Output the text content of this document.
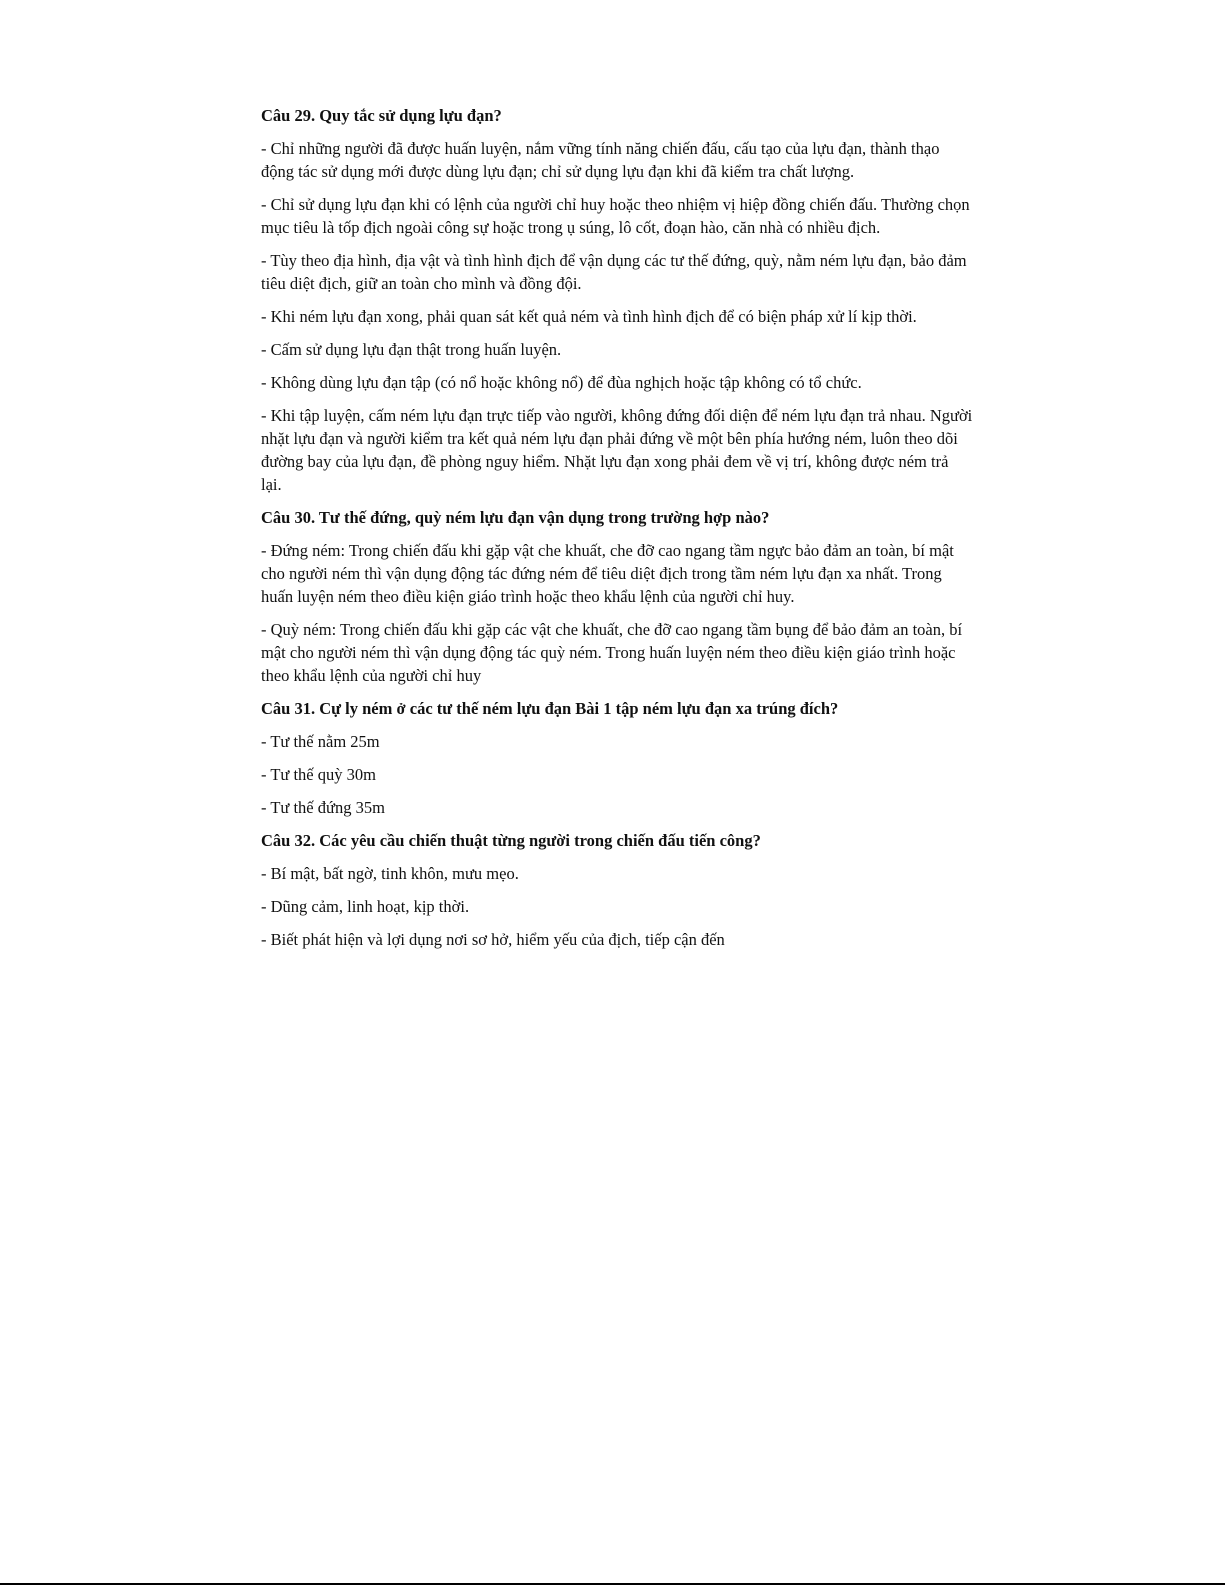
Câu 29. Quy tắc sử dụng lựu đạn?
- Chỉ những người đã được huấn luyện, nắm vững tính năng chiến đấu, cấu tạo của lựu đạn, thành thạo động tác sử dụng mới được dùng lựu đạn; chỉ sử dụng lựu đạn khi đã kiểm tra chất lượng.
- Chỉ sử dụng lựu đạn khi có lệnh của người chỉ huy hoặc theo nhiệm vị hiệp đồng chiến đấu. Thường chọn mục tiêu là tốp địch ngoài công sự hoặc trong ụ súng, lô cốt, đoạn hào, căn nhà có nhiều địch.
- Tùy theo địa hình, địa vật và tình hình địch để vận dụng các tư thế đứng, quỳ, nằm ném lựu đạn, bảo đảm tiêu diệt địch, giữ an toàn cho mình và đồng đội.
- Khi ném lựu đạn xong, phải quan sát kết quả ném và tình hình địch để có biện pháp xử lí kịp thời.
- Cấm sử dụng lựu đạn thật trong huấn luyện.
- Không dùng lựu đạn tập (có nổ hoặc không nổ) để đùa nghịch hoặc tập không có tổ chức.
- Khi tập luyện, cấm ném lựu đạn trực tiếp vào người, không đứng đối diện để ném lựu đạn trả nhau. Người nhặt lựu đạn và người kiểm tra kết quả ném lựu đạn phải đứng về một bên phía hướng ném, luôn theo dõi đường bay của lựu đạn, đề phòng nguy hiểm. Nhặt lựu đạn xong phải đem về vị trí, không được ném trả lại.
Câu 30. Tư thế đứng, quỳ ném lựu đạn vận dụng trong trường hợp nào?
- Đứng ném: Trong chiến đấu khi gặp vật che khuất, che đỡ cao ngang tầm ngực bảo đảm an toàn, bí mật cho người ném thì vận dụng động tác đứng ném để tiêu diệt địch trong tầm ném lựu đạn xa nhất. Trong huấn luyện ném theo điều kiện giáo trình hoặc theo khẩu lệnh của người chỉ huy.
- Quỳ ném: Trong chiến đấu khi gặp các vật che khuất, che đỡ cao ngang tầm bụng để bảo đảm an toàn, bí mật cho người ném thì vận dụng động tác quỳ ném. Trong huấn luyện ném theo điều kiện giáo trình hoặc theo khẩu lệnh của người chỉ huy
Câu 31. Cự ly ném ở các tư thế ném lựu đạn Bài 1 tập ném lựu đạn xa trúng đích?
- Tư thế nằm 25m
- Tư thế quỳ 30m
- Tư thế đứng 35m
Câu 32. Các yêu cầu chiến thuật từng người trong chiến đấu tiến công?
- Bí mật, bất ngờ, tinh khôn, mưu mẹo.
- Dũng cảm, linh hoạt, kịp thời.
- Biết phát hiện và lợi dụng nơi sơ hở, hiểm yếu của địch, tiếp cận đến
